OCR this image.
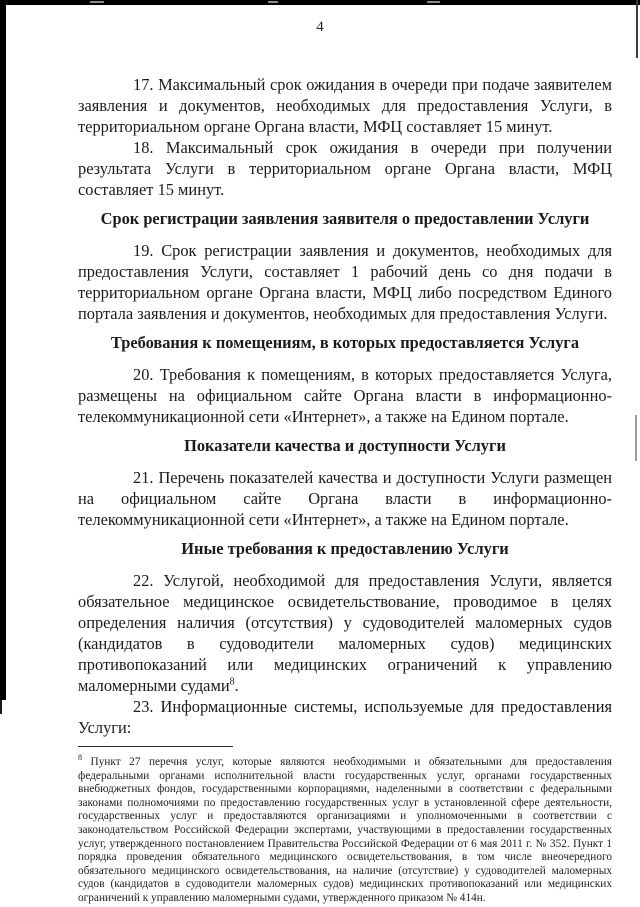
4

17. Максимальный срок ожидания в очереди при подаче заявителем заявления и документов, необходимых для предоставления Услуги, в территориальном органе Органа власти, МФЦ составляет 15 минут.

18. Максимальный срок ожидания в очереди при получении результата Услуги в территориальном органе Органа власти, МФЦ составляет 15 минут.

Срок регистрации заявления заявителя о предоставлении Услуги

19. Срок регистрации заявления и документов, необходимых для предоставления Услуги, составляет 1 рабочий день со дня подачи в территориальном органе Органа власти, МФЦ либо посредством Единого портала заявления и документов, необходимых для предоставления Услуги.

Требования к помещениям, в которых предоставляется Услуга

20. Требования к помещениям, в которых предоставляется Услуга, размещены на официальном сайте Органа власти в информационно-телекоммуникационной сети «Интернет», а также на Едином портале.

Показатели качества и доступности Услуги

21. Перечень показателей качества и доступности Услуги размещен на официальном сайте Органа власти в информационно-телекоммуникационной сети «Интернет», а также на Едином портале.

Иные требования к предоставлению Услуги

22. Услугой, необходимой для предоставления Услуги, является обязательное медицинское освидетельствование, проводимое в целях определения наличия (отсутствия) у судоводителей маломерных судов (кандидатов в судоводители маломерных судов) медицинских противопоказаний или медицинских ограничений к управлению маломерными судами$^8$.

23. Информационные системы, используемые для предоставления Услуги:

$^8$ Пункт 27 перечня услуг, которые являются необходимыми и обязательными для предоставления федеральными органами исполнительной власти государственных услуг, органами государственных внебюджетных фондов, государственными корпорациями, наделенными в соответствии с федеральными законами полномочиями по предоставлению государственных услуг в установленной сфере деятельности, государственных услуг и предоставляются организациями и уполномоченными в соответствии с законодательством Российской Федерации экспертами, участвующими в предоставлении государственных услуг, утвержденного постановлением Правительства Российской Федерации от 6 мая 2011 г. № 352. Пункт 1 порядка проведения обязательного медицинского освидетельствования, в том числе внеочередного обязательного медицинского освидетельствования, на наличие (отсутствие) у судоводителей маломерных судов (кандидатов в судоводители маломерных судов) медицинских противопоказаний или медицинских ограничений к управлению маломерными судами, утвержденного приказом № 414н.
